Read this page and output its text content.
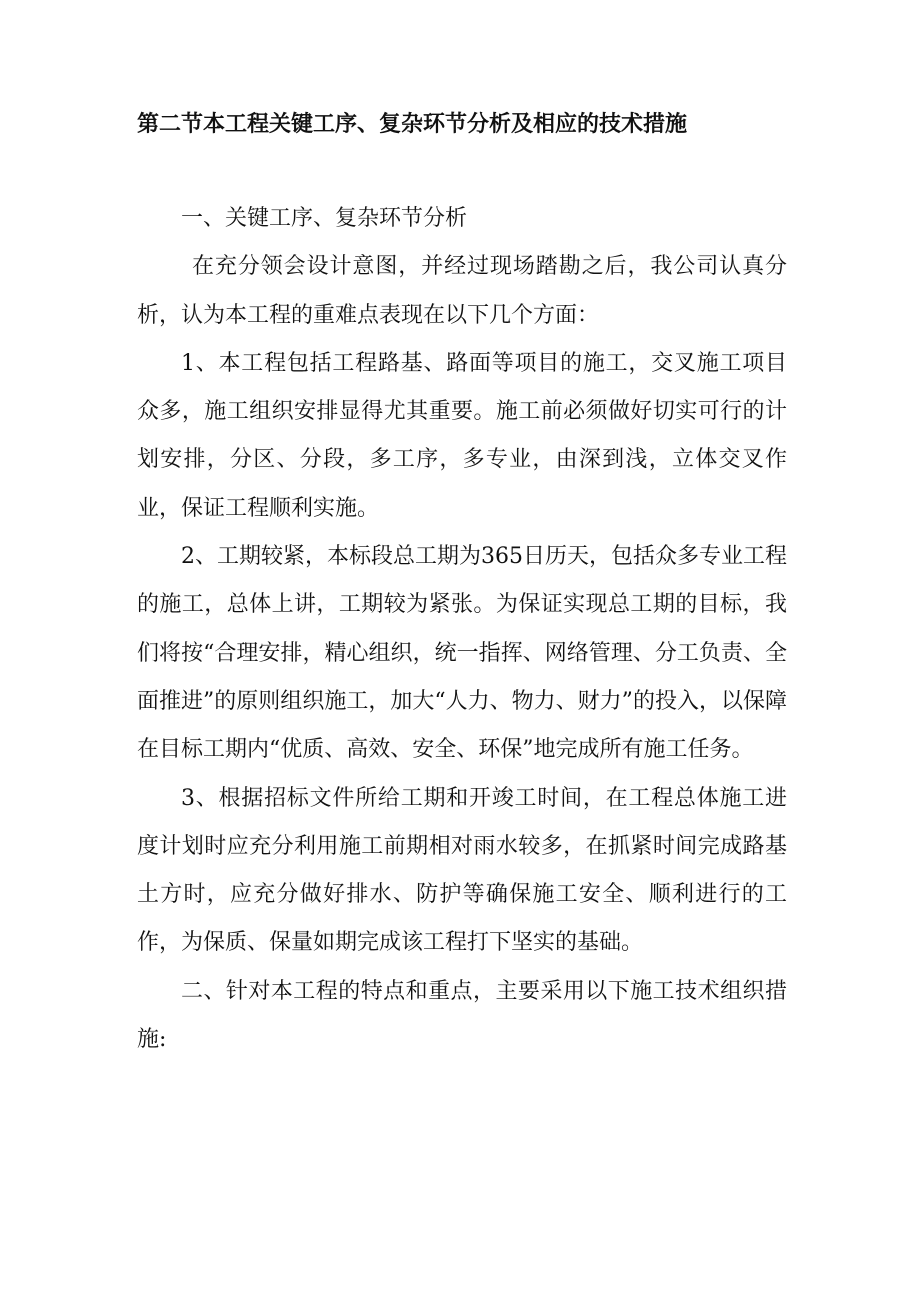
第二节本工程关键工序、复杂环节分析及相应的技术措施

一、关键工序、复杂环节分析

在充分领会设计意图，并经过现场踏勘之后，我公司认真分析，认为本工程的重难点表现在以下几个方面：

1、本工程包括工程路基、路面等项目的施工，交叉施工项目众多，施工组织安排显得尤其重要。施工前必须做好切实可行的计划安排，分区、分段，多工序，多专业，由深到浅，立体交叉作业，保证工程顺利实施。

2、工期较紧，本标段总工期为365日历天，包括众多专业工程的施工，总体上讲，工期较为紧张。为保证实现总工期的目标，我们将按“合理安排，精心组织，统一指挥、网络管理、分工负责、全面推进”的原则组织施工，加大“人力、物力、财力”的投入，以保障在目标工期内“优质、高效、安全、环保”地完成所有施工任务。

3、根据招标文件所给工期和开竣工时间，在工程总体施工进度计划时应充分利用施工前期相对雨水较多，在抓紧时间完成路基土方时，应充分做好排水、防护等确保施工安全、顺利进行的工作，为保质、保量如期完成该工程打下坚实的基础。

二、针对本工程的特点和重点，主要采用以下施工技术组织措施:
